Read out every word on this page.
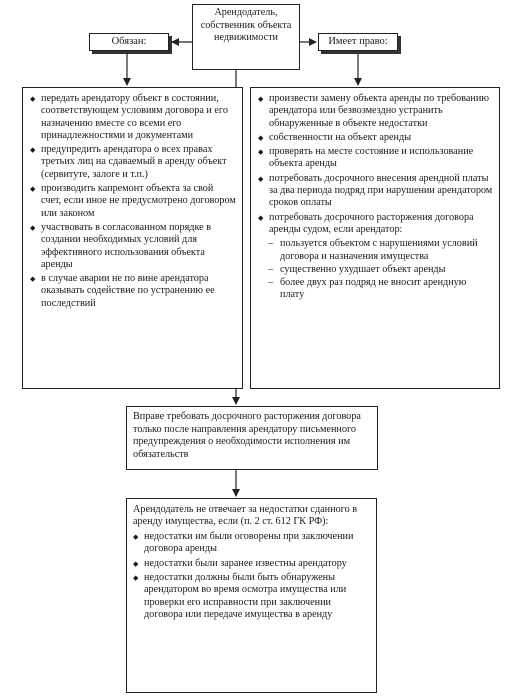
Арендодатель, собственник объекта недвижимости
Обязан:	Имеет право:
◆ передать арендатору объект в состоянии, соответствующем условиям договора и его назначению вместе со всеми его принадлежностями и документами
◆ предупредить арендатора о всех правах третьих лиц на сдаваемый в аренду объект (сервитуте, залоге и т.п.)
◆ производить капремонт объекта за свой счет, если иное не предусмотрено договором или законом
◆ участвовать в согласованном порядке в создании необходимых условий для эффективного использования объекта аренды
◆ в случае аварии не по вине арендатора оказывать содействие по устранению ее последствий
◆ произвести замену объекта аренды по требованию арендатора или безвозмездно устранить обнаруженные в объекте недостатки
◆ собственности на объект аренды
◆ проверять на месте состояние и использование объекта аренды
◆ потребовать досрочного внесения арендной платы за два периода подряд при нарушении арендатором сроков оплаты
◆ потребовать досрочного расторжения договора аренды судом, если арендатор:
– пользуется объектом с нарушениями условий договора и назначения имущества
– существенно ухудшает объект аренды
– более двух раз подряд не вносит арендную плату
Вправе требовать досрочного расторжения договора только после направления арендатору письменного предупреждения о необходимости исполнения им обязательств
Арендодатель не отвечает за недостатки сданного в аренду имущества, если (п. 2 ст. 612 ГК РФ):
◆ недостатки им были оговорены при заключении договора аренды
◆ недостатки были заранее известны арендатору
◆ недостатки должны были быть обнаружены арендатором во время осмотра имущества или проверки его исправности при заключении договора или передаче имущества в аренду
